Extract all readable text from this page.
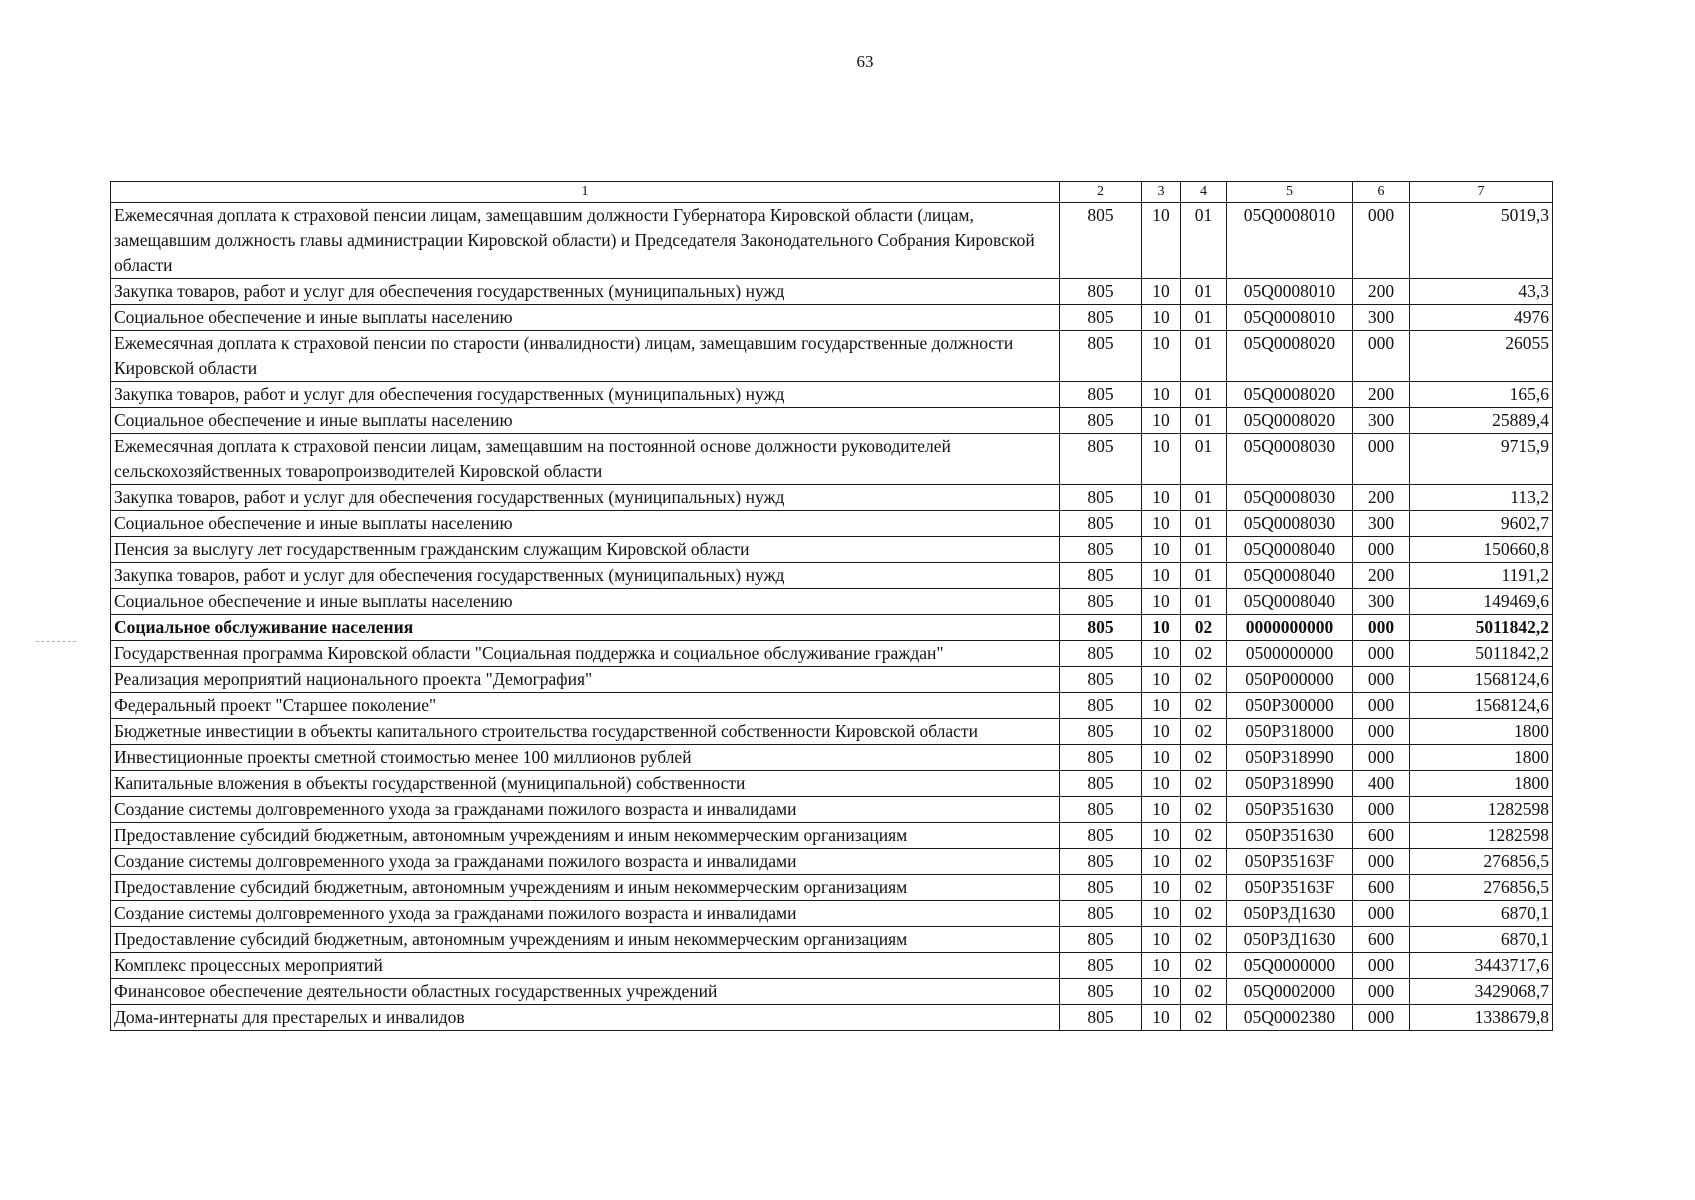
63
1	2	3	4	5	6	7
Ежемесячная доплата к страховой пенсии лицам, замещавшим должности Губернатора Кировской области (лицам, замещавшим должность главы администрации Кировской области) и Председателя Законодательного Собрания Кировской области	805	10	01	05Q0008010	000	5019,3
Закупка товаров, работ и услуг для обеспечения государственных (муниципальных) нужд	805	10	01	05Q0008010	200	43,3
Социальное обеспечение и иные выплаты населению	805	10	01	05Q0008010	300	4976
Ежемесячная доплата к страховой пенсии по старости (инвалидности) лицам, замещавшим государственные должности Кировской области	805	10	01	05Q0008020	000	26055
Закупка товаров, работ и услуг для обеспечения государственных (муниципальных) нужд	805	10	01	05Q0008020	200	165,6
Социальное обеспечение и иные выплаты населению	805	10	01	05Q0008020	300	25889,4
Ежемесячная доплата к страховой пенсии лицам, замещавшим на постоянной основе должности руководителей сельскохозяйственных товаропроизводителей Кировской области	805	10	01	05Q0008030	000	9715,9
Закупка товаров, работ и услуг для обеспечения государственных (муниципальных) нужд	805	10	01	05Q0008030	200	113,2
Социальное обеспечение и иные выплаты населению	805	10	01	05Q0008030	300	9602,7
Пенсия за выслугу лет государственным гражданским служащим Кировской области	805	10	01	05Q0008040	000	150660,8
Закупка товаров, работ и услуг для обеспечения государственных (муниципальных) нужд	805	10	01	05Q0008040	200	1191,2
Социальное обеспечение и иные выплаты населению	805	10	01	05Q0008040	300	149469,6
Социальное обслуживание населения	805	10	02	0000000000	000	5011842,2
Государственная программа Кировской области "Социальная поддержка и социальное обслуживание граждан"	805	10	02	0500000000	000	5011842,2
Реализация мероприятий национального проекта "Демография"	805	10	02	050P000000	000	1568124,6
Федеральный проект "Старшее поколение"	805	10	02	050P300000	000	1568124,6
Бюджетные инвестиции в объекты капитального строительства государственной собственности Кировской области	805	10	02	050P318000	000	1800
Инвестиционные проекты сметной стоимостью менее 100 миллионов рублей	805	10	02	050P318990	000	1800
Капитальные вложения в объекты государственной (муниципальной) собственности	805	10	02	050P318990	400	1800
Создание системы долговременного ухода за гражданами пожилого возраста и инвалидами	805	10	02	050P351630	000	1282598
Предоставление субсидий бюджетным, автономным учреждениям и иным некоммерческим организациям	805	10	02	050P351630	600	1282598
Создание системы долговременного ухода за гражданами пожилого возраста и инвалидами	805	10	02	050P35163F	000	276856,5
Предоставление субсидий бюджетным, автономным учреждениям и иным некоммерческим организациям	805	10	02	050P35163F	600	276856,5
Создание системы долговременного ухода за гражданами пожилого возраста и инвалидами	805	10	02	050P3Д1630	000	6870,1
Предоставление субсидий бюджетным, автономным учреждениям и иным некоммерческим организациям	805	10	02	050P3Д1630	600	6870,1
Комплекс процессных мероприятий	805	10	02	05Q0000000	000	3443717,6
Финансовое обеспечение деятельности областных государственных учреждений	805	10	02	05Q0002000	000	3429068,7
Дома-интернаты для престарелых и инвалидов	805	10	02	05Q0002380	000	1338679,8
